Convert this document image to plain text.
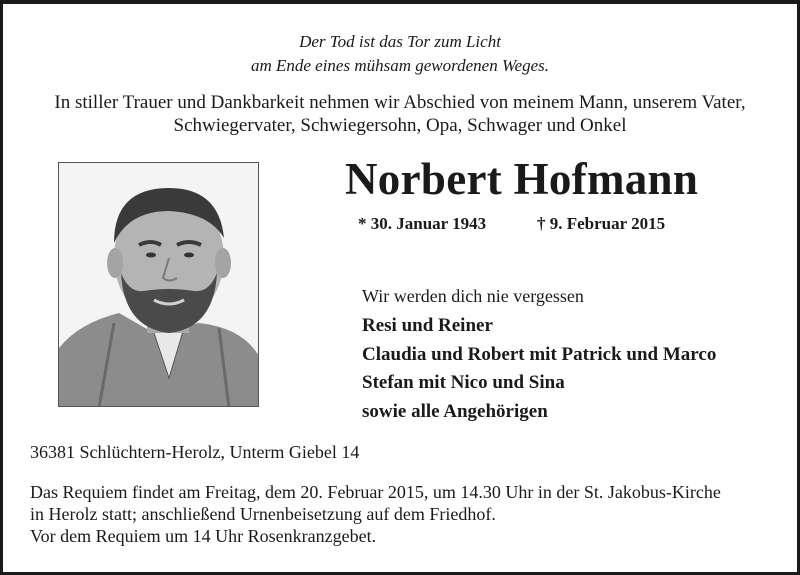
Der Tod ist das Tor zum Licht
am Ende eines mühsam gewordenen Weges.
In stiller Trauer und Dankbarkeit nehmen wir Abschied von meinem Mann, unserem Vater,
Schwiegervater, Schwiegersohn, Opa, Schwager und Onkel
Norbert Hofmann
* 30. Januar 1943	† 9. Februar 2015
Wir werden dich nie vergessen
Resi und Reiner
Claudia und Robert mit Patrick und Marco
Stefan mit Nico und Sina
sowie alle Angehörigen
36381 Schlüchtern-Herolz, Unterm Giebel 14
Das Requiem findet am Freitag, dem 20. Februar 2015, um 14.30 Uhr in der St. Jakobus-Kirche
in Herolz statt; anschließend Urnenbeisetzung auf dem Friedhof.
Vor dem Requiem um 14 Uhr Rosenkranzgebet.
